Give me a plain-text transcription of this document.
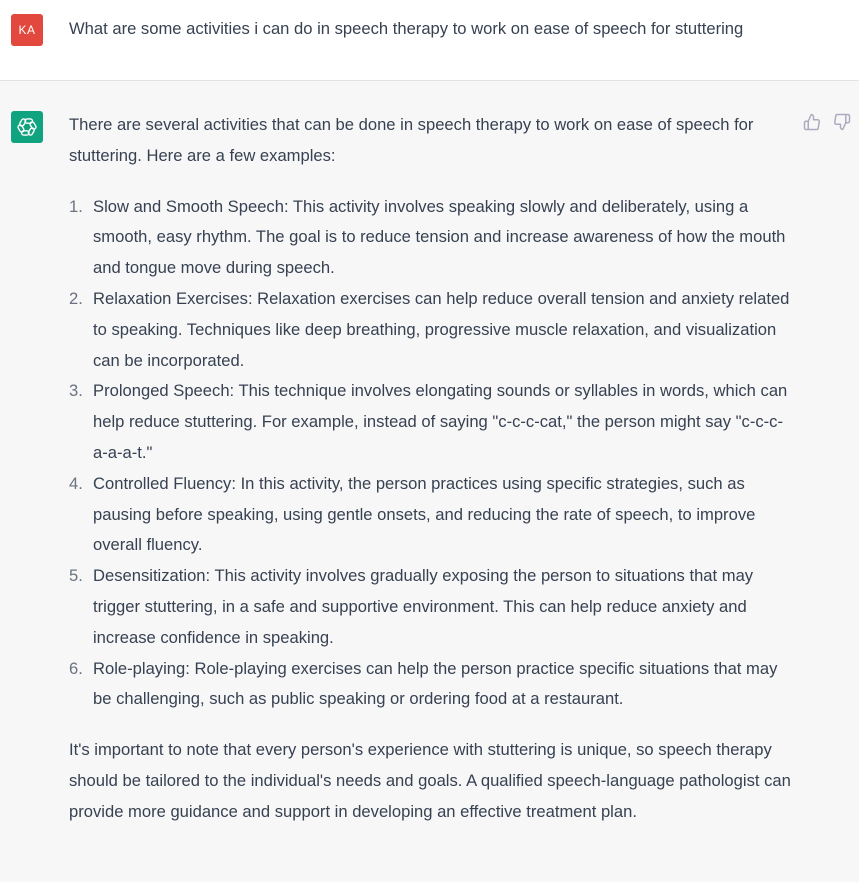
KA What are some activities i can do in speech therapy to work on ease of speech for stuttering

There are several activities that can be done in speech therapy to work on ease of speech for stuttering. Here are a few examples:

1. Slow and Smooth Speech: This activity involves speaking slowly and deliberately, using a smooth, easy rhythm. The goal is to reduce tension and increase awareness of how the mouth and tongue move during speech.
2. Relaxation Exercises: Relaxation exercises can help reduce overall tension and anxiety related to speaking. Techniques like deep breathing, progressive muscle relaxation, and visualization can be incorporated.
3. Prolonged Speech: This technique involves elongating sounds or syllables in words, which can help reduce stuttering. For example, instead of saying "c-c-c-cat," the person might say "c-c-c-a-a-a-t."
4. Controlled Fluency: In this activity, the person practices using specific strategies, such as pausing before speaking, using gentle onsets, and reducing the rate of speech, to improve overall fluency.
5. Desensitization: This activity involves gradually exposing the person to situations that may trigger stuttering, in a safe and supportive environment. This can help reduce anxiety and increase confidence in speaking.
6. Role-playing: Role-playing exercises can help the person practice specific situations that may be challenging, such as public speaking or ordering food at a restaurant.

It's important to note that every person's experience with stuttering is unique, so speech therapy should be tailored to the individual's needs and goals. A qualified speech-language pathologist can provide more guidance and support in developing an effective treatment plan.
